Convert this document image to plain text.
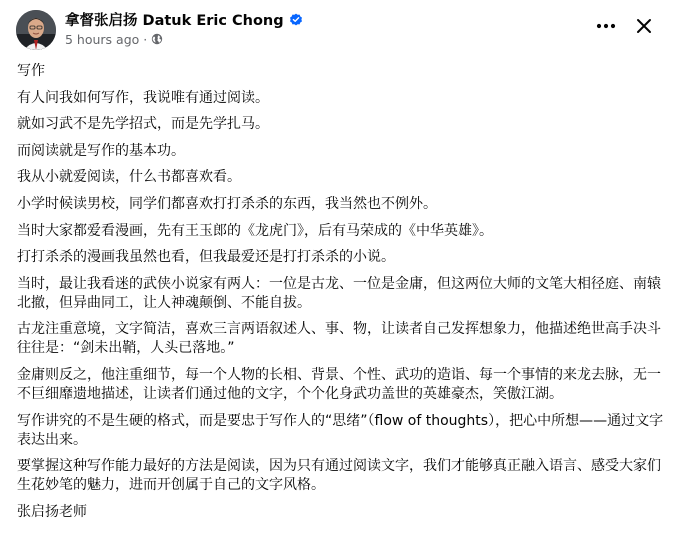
拿督张启扬 Datuk Eric Chong
5 hours ago ·

写作

有人问我如何写作，我说唯有通过阅读。

就如习武不是先学招式，而是先学扎马。

而阅读就是写作的基本功。

我从小就爱阅读，什么书都喜欢看。

小学时候读男校，同学们都喜欢打打杀杀的东西，我当然也不例外。

当时大家都爱看漫画，先有王玉郎的《龙虎门》，后有马荣成的《中华英雄》。

打打杀杀的漫画我虽然也看，但我最爱还是打打杀杀的小说。

当时，最让我看迷的武侠小说家有两人：一位是古龙、一位是金庸，但这两位大师的文笔大相径庭、南辕北撤，但异曲同工，让人神魂颠倒、不能自拔。

古龙注重意境，文字简洁，喜欢三言两语叙述人、事、物，让读者自己发挥想象力，他描述绝世高手决斗往往是：“剑未出鞘，人头已落地。”

金庸则反之，他注重细节，每一个人物的长相、背景、个性、武功的造诣、每一个事情的来龙去脉，无一不巨细靡遗地描述，让读者们通过他的文字，个个化身武功盖世的英雄豪杰，笑傲江湖。

写作讲究的不是生硬的格式，而是要忠于写作人的“思绪”（flow of thoughts），把心中所想——通过文字表达出来。

要掌握这种写作能力最好的方法是阅读，因为只有通过阅读文字，我们才能够真正融入语言、感受大家们生花妙笔的魅力，进而开创属于自己的文字风格。

张启扬老师
